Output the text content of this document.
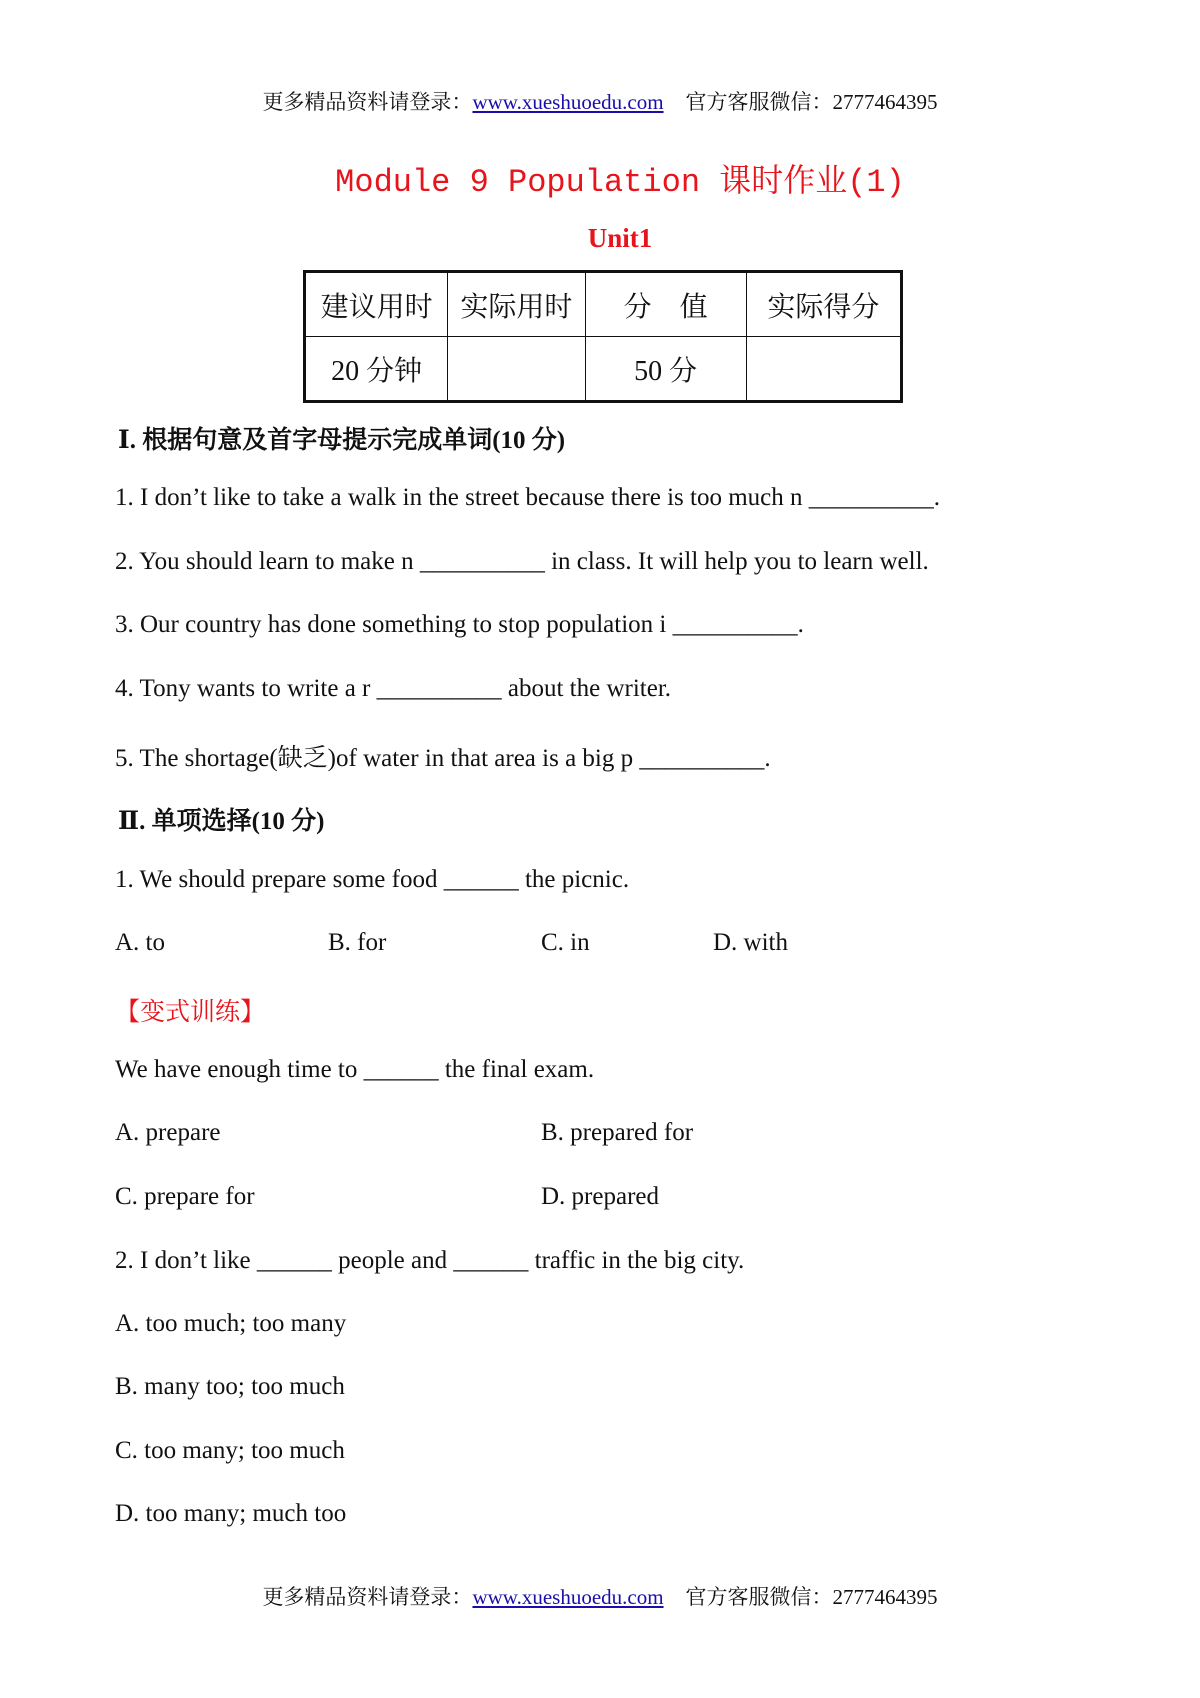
更多精品资料请登录：www.xueshuoedu.com 官方客服微信：2777464395
Module 9 Population 课时作业(1)
Unit1
建议用时	实际用时	分　值	实际得分
20 分钟		50 分	
Ⅰ. 根据句意及首字母提示完成单词(10 分)
1. I don’t like to take a walk in the street because there is too much n __________.
2. You should learn to make n __________ in class. It will help you to learn well.
3. Our country has done something to stop population i __________.
4. Tony wants to write a r __________ about the writer.
5. The shortage(缺乏)of water in that area is a big p __________.
Ⅱ. 单项选择(10 分)
1. We should prepare some food ______ the picnic.
A. to	B. for	C. in	D. with
【变式训练】
We have enough time to ______ the final exam.
A. prepare	B. prepared for
C. prepare for	D. prepared
2. I don’t like ______ people and ______ traffic in the big city.
A. too much; too many
B. many too; too much
C. too many; too much
D. too many; much too
更多精品资料请登录：www.xueshuoedu.com 官方客服微信：2777464395
